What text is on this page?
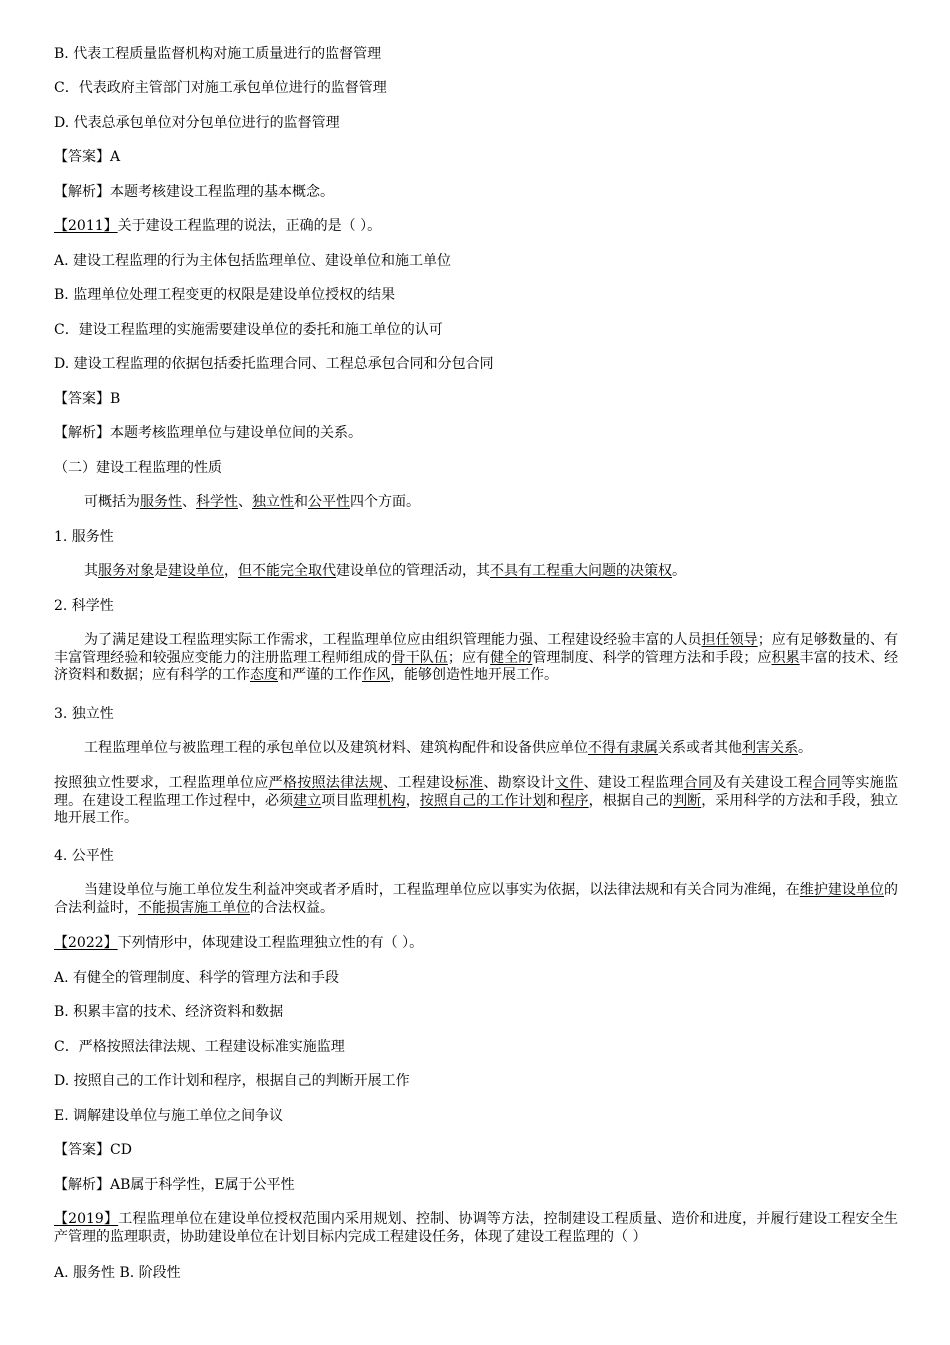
B. 代表工程质量监督机构对施工质量进行的监督管理
C．代表政府主管部门对施工承包单位进行的监督管理
D. 代表总承包单位对分包单位进行的监督管理
【答案】A
【解析】本题考核建设工程监理的基本概念。
【2011】关于建设工程监理的说法，正确的是（ ）。
A. 建设工程监理的行为主体包括监理单位、建设单位和施工单位
B. 监理单位处理工程变更的权限是建设单位授权的结果
C．建设工程监理的实施需要建设单位的委托和施工单位的认可
D. 建设工程监理的依据包括委托监理合同、工程总承包合同和分包合同
【答案】B
【解析】本题考核监理单位与建设单位间的关系。
（二）建设工程监理的性质
可概括为服务性、科学性、独立性和公平性四个方面。
1. 服务性
其服务对象是建设单位，但不能完全取代建设单位的管理活动，其不具有工程重大问题的决策权。
2. 科学性
为了满足建设工程监理实际工作需求，工程监理单位应由组织管理能力强、工程建设经验丰富的人员担任领导；应有足够数量的、有丰富管理经验和较强应变能力的注册监理工程师组成的骨干队伍；应有健全的管理制度、科学的管理方法和手段；应积累丰富的技术、经济资料和数据；应有科学的工作态度和严谨的工作作风，能够创造性地开展工作。
3. 独立性
工程监理单位与被监理工程的承包单位以及建筑材料、建筑构配件和设备供应单位不得有隶属关系或者其他利害关系。
按照独立性要求，工程监理单位应严格按照法律法规、工程建设标准、勘察设计文件、建设工程监理合同及有关建设工程合同等实施监理。在建设工程监理工作过程中，必须建立项目监理机构，按照自己的工作计划和程序，根据自己的判断，采用科学的方法和手段，独立地开展工作。
4. 公平性
当建设单位与施工单位发生利益冲突或者矛盾时，工程监理单位应以事实为依据，以法律法规和有关合同为准绳，在维护建设单位的合法利益时，不能损害施工单位的合法权益。
【2022】下列情形中，体现建设工程监理独立性的有（ ）。
A. 有健全的管理制度、科学的管理方法和手段
B. 积累丰富的技术、经济资料和数据
C．严格按照法律法规、工程建设标准实施监理
D. 按照自己的工作计划和程序，根据自己的判断开展工作
E. 调解建设单位与施工单位之间争议
【答案】CD
【解析】AB属于科学性，E属于公平性
【2019】工程监理单位在建设单位授权范围内采用规划、控制、协调等方法，控制建设工程质量、造价和进度，并履行建设工程安全生产管理的监理职责，协助建设单位在计划目标内完成工程建设任务，体现了建设工程监理的（ ）
A. 服务性 B. 阶段性
